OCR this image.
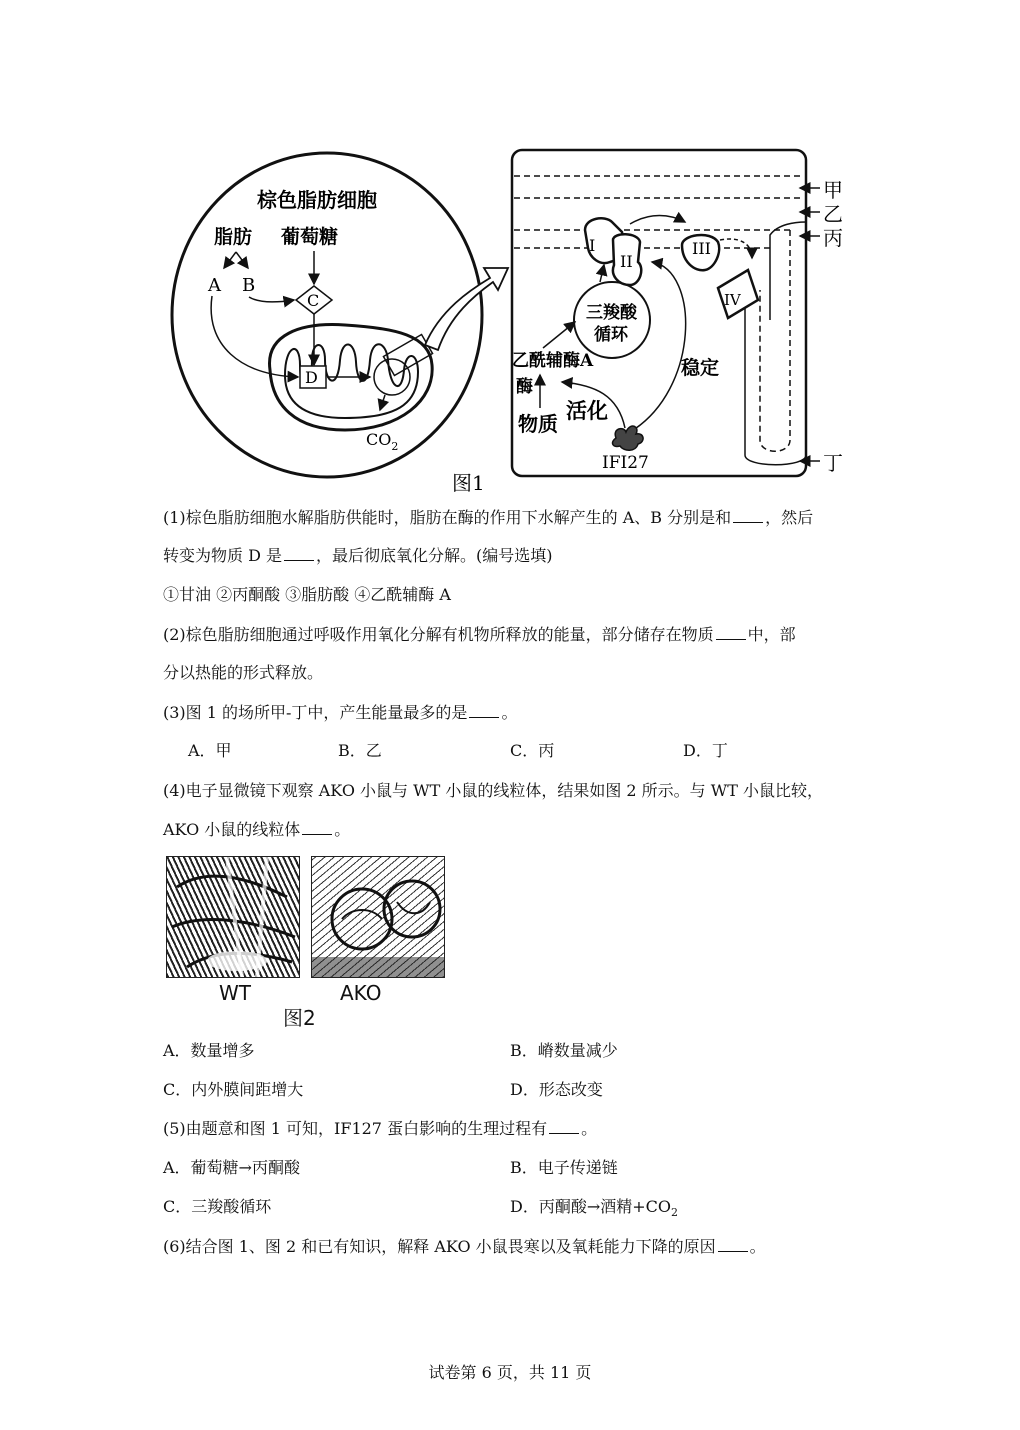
棕色脂肪细胞
脂肪 葡萄糖
A B
C
D
$CO_2$
I
II
III
IV
三羧酸
循环
乙酰辅酶A
酶
物质
活化
稳定
IFI27
甲
乙
丙
丁
图1
(1)棕色脂肪细胞水解脂肪供能时，脂肪在酶的作用下水解产生的 A、B 分别是和 ，然后
转变为物质 D 是 ，最后彻底氧化分解。(编号选填)
①甘油 ②丙酮酸 ③脂肪酸 ④乙酰辅酶 A
(2)棕色脂肪细胞通过呼吸作用氧化分解有机物所释放的能量，部分储存在物质 中，部
分以热能的形式释放。
(3)图 1 的场所甲-丁中，产生能量最多的是 。
A．甲	B．乙	C．丙	D．丁
(4)电子显微镜下观察 AKO 小鼠与 WT 小鼠的线粒体，结果如图 2 所示。与 WT 小鼠比较，
AKO 小鼠的线粒体 。
WT	AKO
图2
A．数量增多	B．嵴数量减少
C．内外膜间距增大	D．形态改变
(5)由题意和图 1 可知，IF127 蛋白影响的生理过程有 。
A．葡萄糖→丙酮酸	B．电子传递链
C．三羧酸循环	D．丙酮酸→酒精$+CO_2$
(6)结合图 1、图 2 和已有知识，解释 AKO 小鼠畏寒以及氧耗能力下降的原因 。
试卷第 6 页，共 11 页
